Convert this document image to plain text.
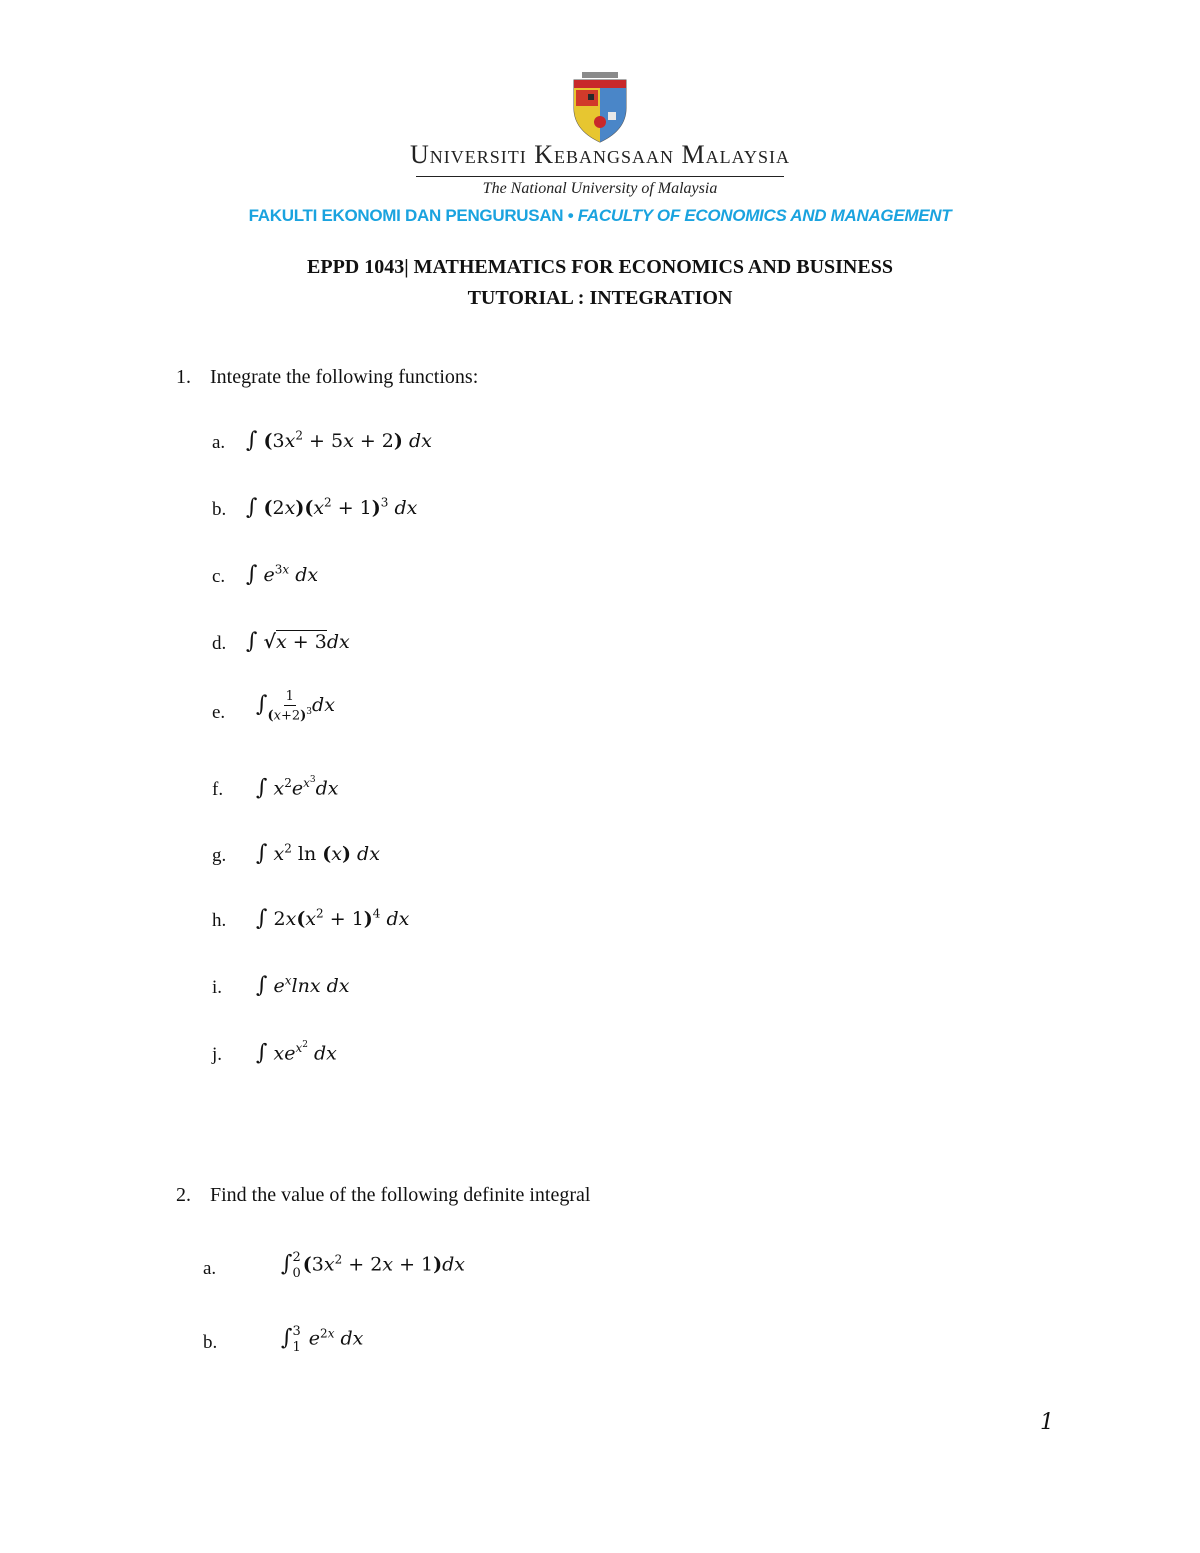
Universiti Kebangsaan Malaysia
The National University of Malaysia
FAKULTI EKONOMI DAN PENGURUSAN • FACULTY OF ECONOMICS AND MANAGEMENT
EPPD 1043| MATHEMATICS FOR ECONOMICS AND BUSINESS
TUTORIAL : INTEGRATION
1. Integrate the following functions:
a. ∫ $(3x^2 + 5x + 2)$ dx
b. ∫ $(2x)(x^2 + 1)^3$ dx
c. ∫ $e^{3x}$ dx
d. ∫ √x + 3dx
e. ∫ $\frac{1}{(x+2)^3}$ dx
f. ∫ $x^2e^{x^3}dx$
g. ∫ $x^2$ ln (x) dx
h. ∫ $2x(x^2 + 1)^4$ dx
i. ∫ $e^x\ln x$ dx
j. ∫ $xe^{x^2}$ dx
2. Find the value of the following definite integral
a.	∫ 2
0 $(3x^2 + 2x + 1)dx$
b.	∫ 3
1 $e^{2x}$ dx
1
